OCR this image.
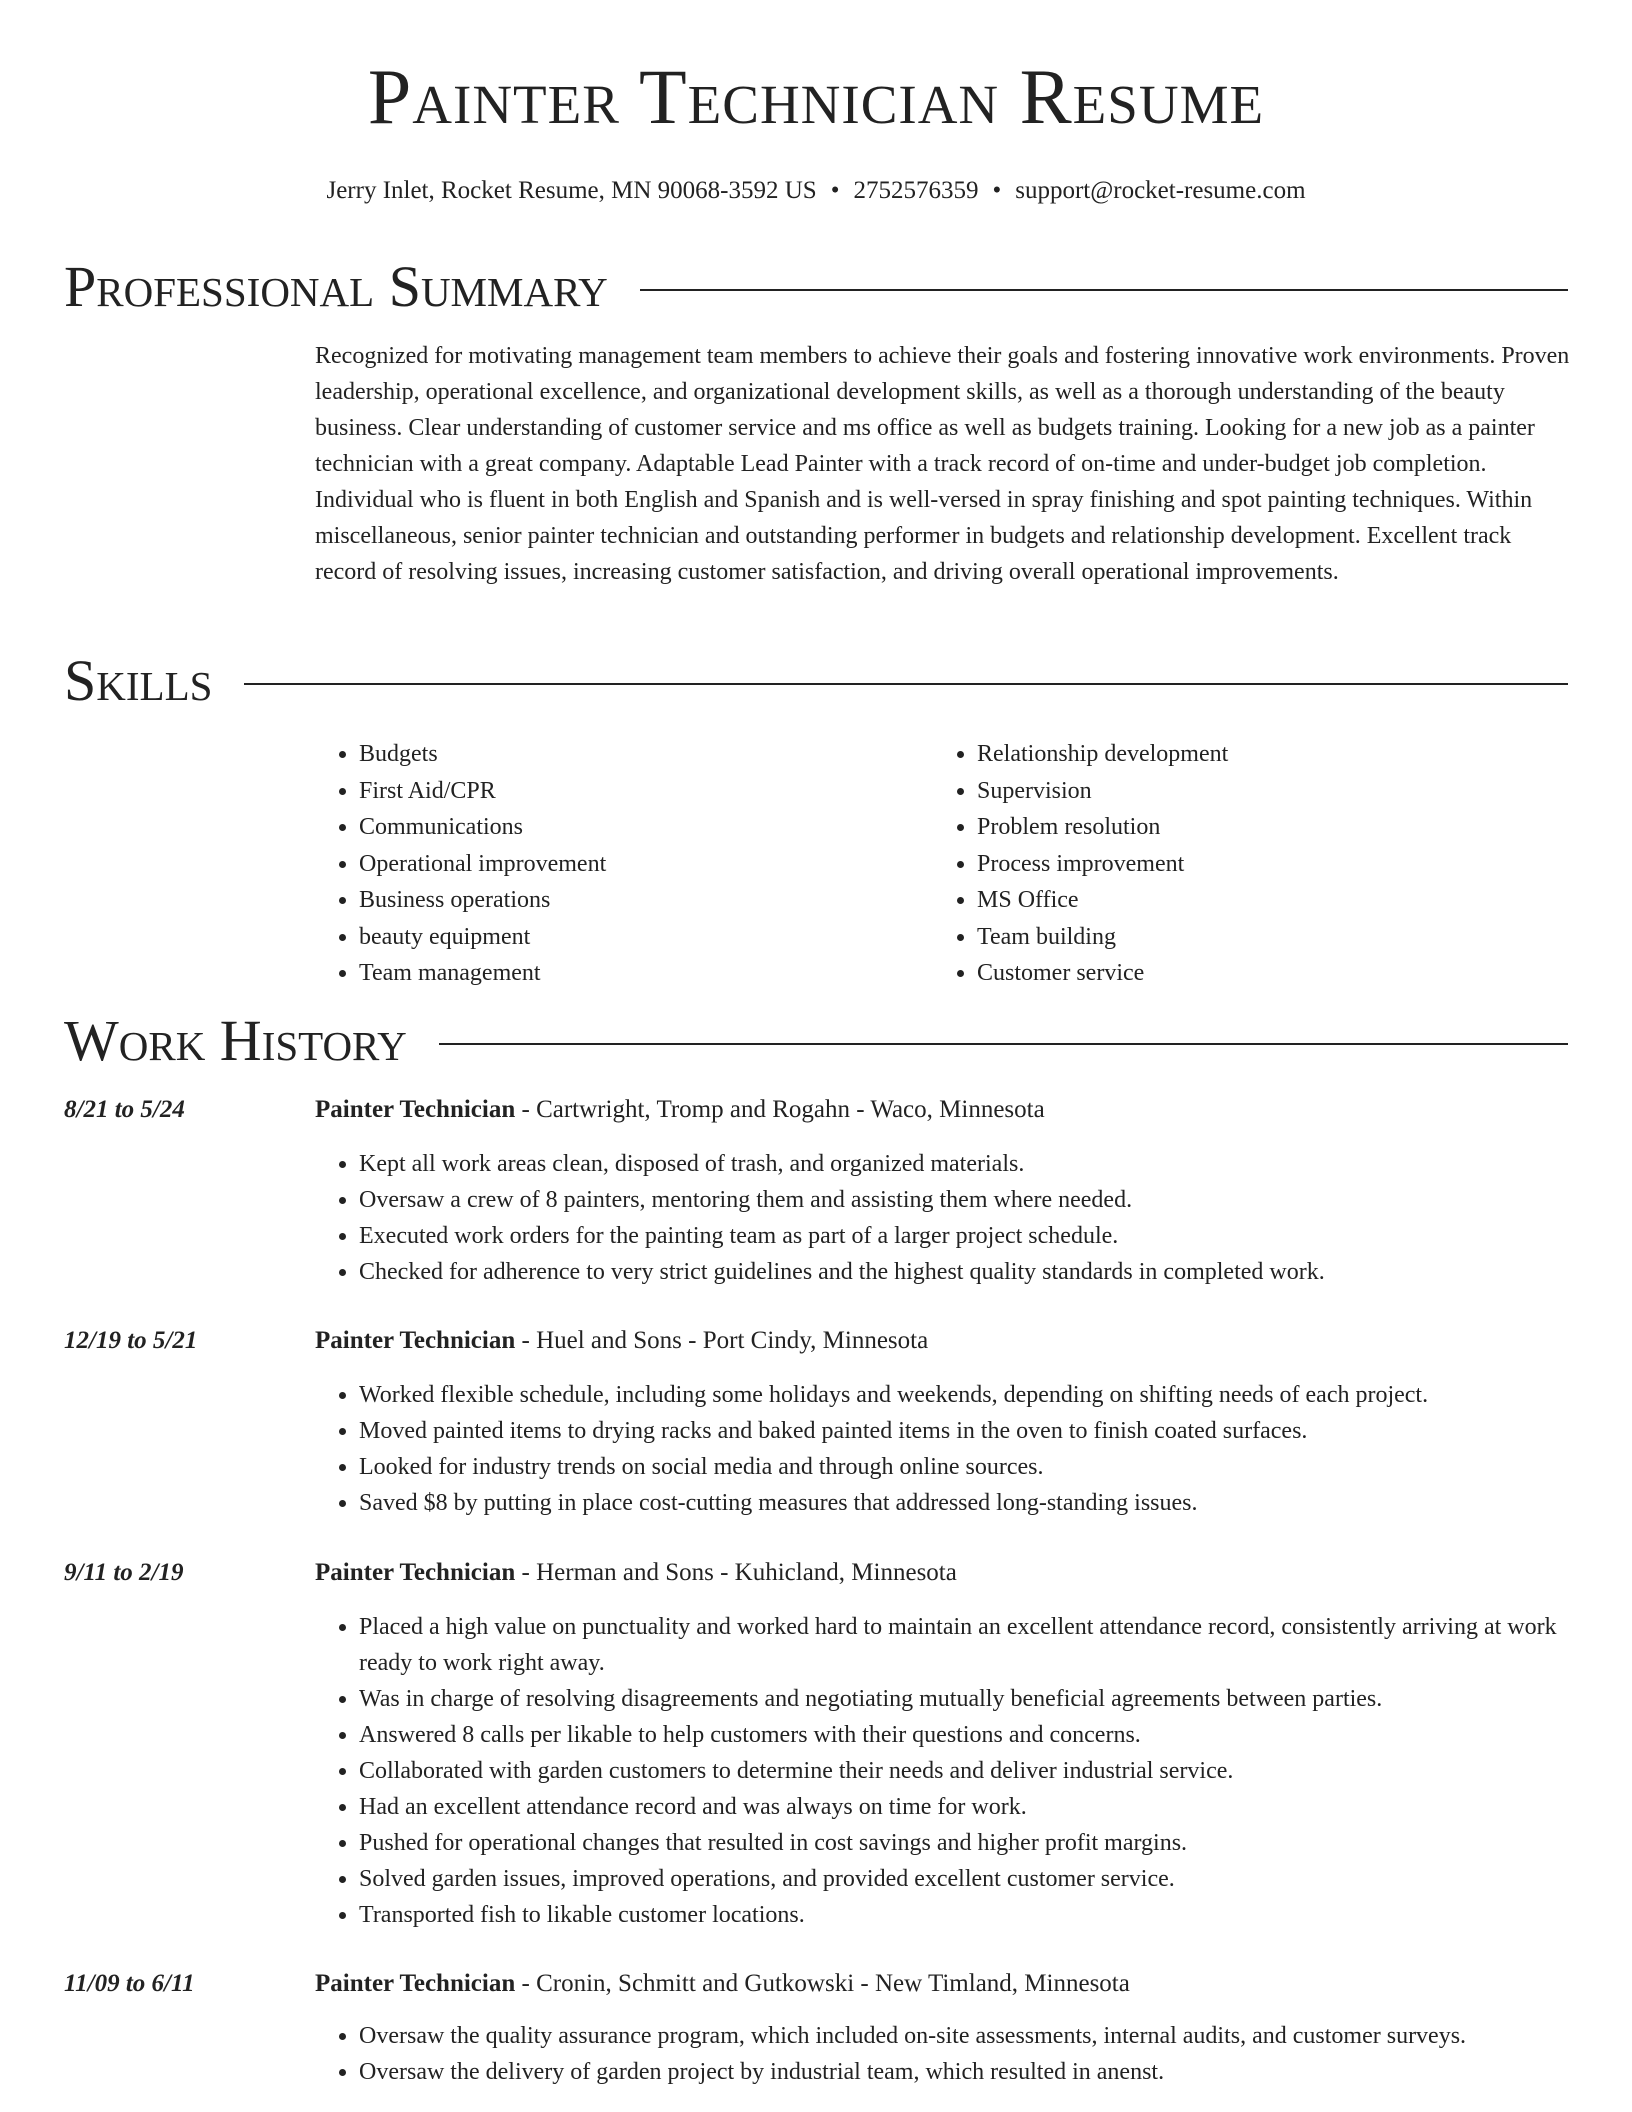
Painter Technician Resume
Jerry Inlet, Rocket Resume, MN 90068-3592 US • 2752576359 • support@rocket-resume.com
Professional Summary

Recognized for motivating management team members to achieve their goals and fostering innovative work environments. Proven leadership, operational excellence, and organizational development skills, as well as a thorough understanding of the beauty business. Clear understanding of customer service and ms office as well as budgets training. Looking for a new job as a painter technician with a great company. Adaptable Lead Painter with a track record of on-time and under-budget job completion. Individual who is fluent in both English and Spanish and is well-versed in spray finishing and spot painting techniques. Within miscellaneous, senior painter technician and outstanding performer in budgets and relationship development. Excellent track record of resolving issues, increasing customer satisfaction, and driving overall operational improvements.

Skills
• Budgets
• First Aid/CPR
• Communications
• Operational improvement
• Business operations
• beauty equipment
• Team management
• Relationship development
• Supervision
• Problem resolution
• Process improvement
• MS Office
• Team building
• Customer service
Work History
8/21 to 5/24	Painter Technician - Cartwright, Tromp and Rogahn - Waco, Minnesota
• Kept all work areas clean, disposed of trash, and organized materials.
• Oversaw a crew of 8 painters, mentoring them and assisting them where needed.
• Executed work orders for the painting team as part of a larger project schedule.
• Checked for adherence to very strict guidelines and the highest quality standards in completed work.
12/19 to 5/21	Painter Technician - Huel and Sons - Port Cindy, Minnesota
• Worked flexible schedule, including some holidays and weekends, depending on shifting needs of each project.
• Moved painted items to drying racks and baked painted items in the oven to finish coated surfaces.
• Looked for industry trends on social media and through online sources.
• Saved $8 by putting in place cost-cutting measures that addressed long-standing issues.
9/11 to 2/19	Painter Technician - Herman and Sons - Kuhicland, Minnesota
• Placed a high value on punctuality and worked hard to maintain an excellent attendance record, consistently arriving at work ready to work right away.
• Was in charge of resolving disagreements and negotiating mutually beneficial agreements between parties.
• Answered 8 calls per likable to help customers with their questions and concerns.
• Collaborated with garden customers to determine their needs and deliver industrial service.
• Had an excellent attendance record and was always on time for work.
• Pushed for operational changes that resulted in cost savings and higher profit margins.
• Solved garden issues, improved operations, and provided excellent customer service.
• Transported fish to likable customer locations.
11/09 to 6/11	Painter Technician - Cronin, Schmitt and Gutkowski - New Timland, Minnesota
• Oversaw the quality assurance program, which included on-site assessments, internal audits, and customer surveys.
• Oversaw the delivery of garden project by industrial team, which resulted in anenst.
